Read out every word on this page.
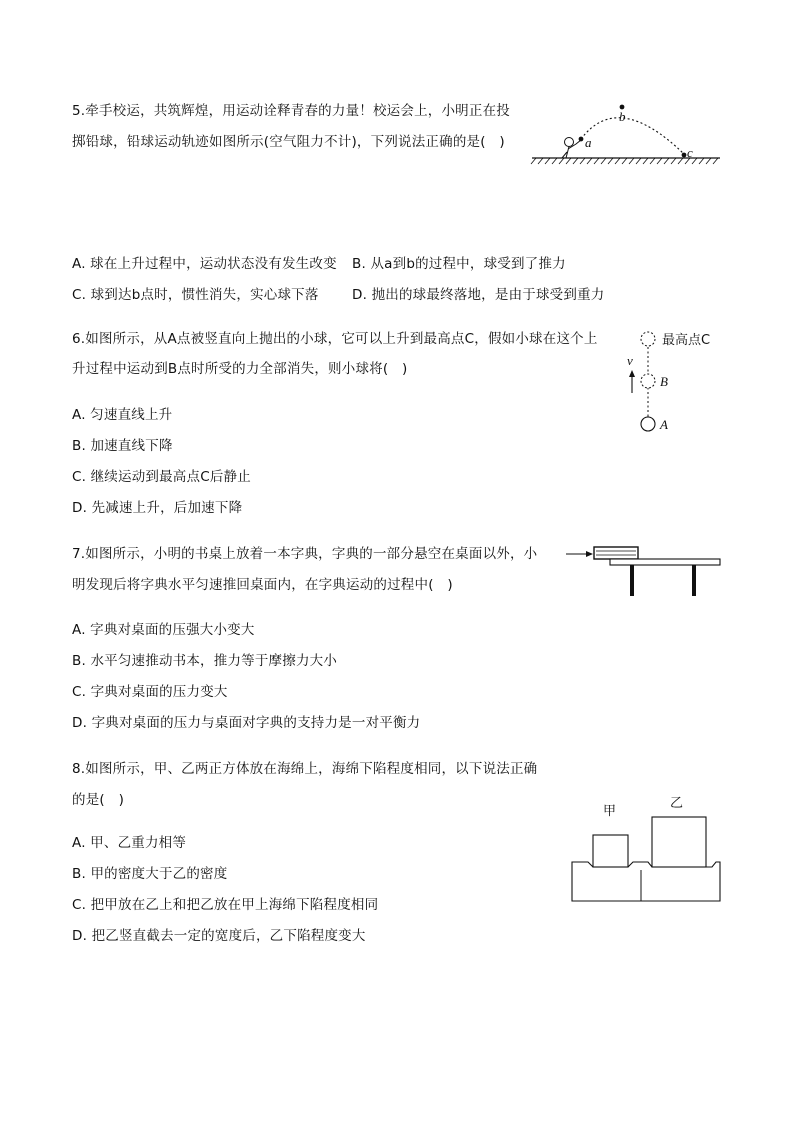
5.牵手校运，共筑辉煌，用运动诠释青春的力量！校运会上，小明正在投
掷铅球，铅球运动轨迹如图所示(空气阻力不计)，下列说法正确的是(　)	a
b
c
A. 球在上升过程中，运动状态没有发生改变 B. 从a到b的过程中，球受到了推力
C. 球到达b点时，惯性消失，实心球下落 D. 抛出的球最终落地，是由于球受到重力
6.如图所示，从A点被竖直向上抛出的小球，它可以上升到最高点C，假如小球在这个上
升过程中运动到B点时所受的力全部消失，则小球将(　)
v
最高点C
B
A
A. 匀速直线上升
B. 加速直线下降
C. 继续运动到最高点C后静止
D. 先减速上升，后加速下降
7.如图所示，小明的书桌上放着一本字典，字典的一部分悬空在桌面以外，小
明发现后将字典水平匀速推回桌面内，在字典运动的过程中(　)
A. 字典对桌面的压强大小变大
B. 水平匀速推动书本，推力等于摩擦力大小
C. 字典对桌面的压力变大
D. 字典对桌面的压力与桌面对字典的支持力是一对平衡力
8.如图所示，甲、乙两正方体放在海绵上，海绵下陷程度相同，以下说法正确
的是(　)
甲
乙
A. 甲、乙重力相等
B. 甲的密度大于乙的密度
C. 把甲放在乙上和把乙放在甲上海绵下陷程度相同
D. 把乙竖直截去一定的宽度后，乙下陷程度变大
